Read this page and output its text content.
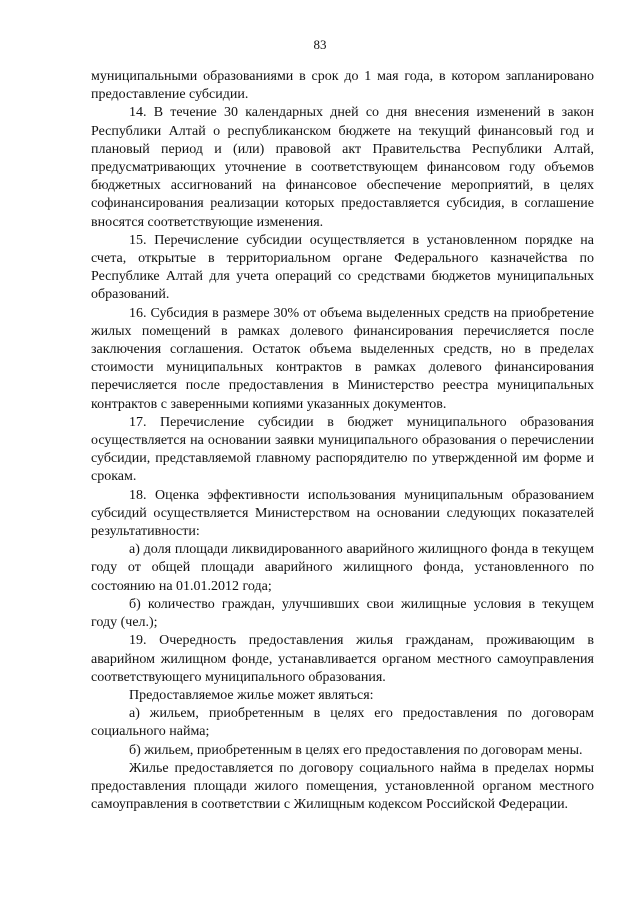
83

муниципальными образованиями в срок до 1 мая года, в котором запланировано предоставление субсидии.

14. В течение 30 календарных дней со дня внесения изменений в закон Республики Алтай о республиканском бюджете на текущий финансовый год и плановый период и (или) правовой акт Правительства Республики Алтай, предусматривающих уточнение в соответствующем финансовом году объемов бюджетных ассигнований на финансовое обеспечение мероприятий, в целях софинансирования реализации которых предоставляется субсидия, в соглашение вносятся соответствующие изменения.

15. Перечисление субсидии осуществляется в установленном порядке на счета, открытые в территориальном органе Федерального казначейства по Республике Алтай для учета операций со средствами бюджетов муниципальных образований.

16. Субсидия в размере 30% от объема выделенных средств на приобретение жилых помещений в рамках долевого финансирования перечисляется после заключения соглашения. Остаток объема выделенных средств, но в пределах стоимости муниципальных контрактов в рамках долевого финансирования перечисляется после предоставления в Министерство реестра муниципальных контрактов с заверенными копиями указанных документов.

17. Перечисление субсидии в бюджет муниципального образования осуществляется на основании заявки муниципального образования о перечислении субсидии, представляемой главному распорядителю по утвержденной им форме и срокам.

18. Оценка эффективности использования муниципальным образованием субсидий осуществляется Министерством на основании следующих показателей результативности:

а) доля площади ликвидированного аварийного жилищного фонда в текущем году от общей площади аварийного жилищного фонда, установленного по состоянию на 01.01.2012 года;

б) количество граждан, улучшивших свои жилищные условия в текущем году (чел.);

19. Очередность предоставления жилья гражданам, проживающим в аварийном жилищном фонде, устанавливается органом местного самоуправления соответствующего муниципального образования.

Предоставляемое жилье может являться:

а) жильем, приобретенным в целях его предоставления по договорам социального найма;

б) жильем, приобретенным в целях его предоставления по договорам мены.

Жилье предоставляется по договору социального найма в пределах нормы предоставления площади жилого помещения, установленной органом местного самоуправления в соответствии с Жилищным кодексом Российской Федерации.
